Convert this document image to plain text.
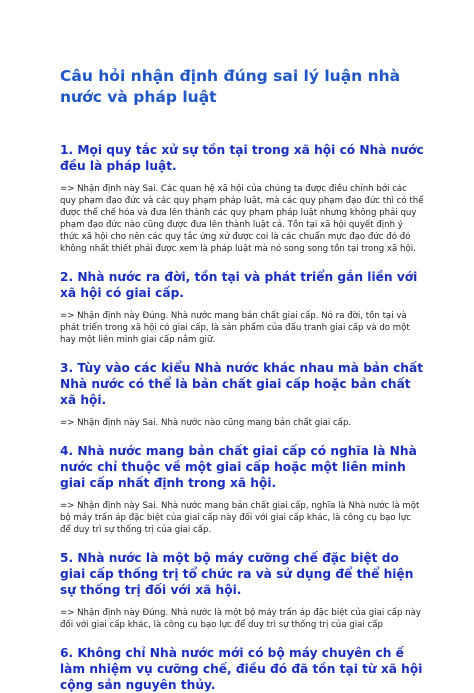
Câu hỏi nhận định đúng sai lý luận nhà nước và pháp luật
1. Mọi quy tắc xử sự tồn tại trong xã hội có Nhà nước đều là pháp luật.
=> Nhận định này Sai. Các quan hệ xã hội của chúng ta được điều chỉnh bởi các quy phạm đạo đức và các quy phạm pháp luật, mà các quy phạm đạo đức thì có thể được thể chế hóa và đưa lên thành các quy phạm pháp luật nhưng không phải quy phạm đạo đức nào cũng được đưa lên thành luật cả. Tồn tại xã hội quyết định ý thức xã hội cho nên các quy tắc ứng xử được coi là các chuẩn mực đạo đức đó đó không nhất thiết phải được xem là pháp luật mà nó song song tồn tại trong xã hội.
2. Nhà nước ra đời, tồn tại và phát triển gắn liền với xã hội có giai cấp.
=> Nhận định này Đúng. Nhà nước mang bản chất giai cấp. Nó ra đời, tồn tại và phát triển trong xã hội có giai cấp, là sản phẩm của đấu tranh giai cấp và do một hay một liên minh giai cấp nắm giữ.
3. Tùy vào các kiểu Nhà nước khác nhau mà bản chất Nhà nước có thể là bản chất giai cấp hoặc bản chất xã hội.
=> Nhận định này Sai. Nhà nước nào cũng mang bản chất giai cấp.
4. Nhà nước mang bản chất giai cấp có nghĩa là Nhà nước chỉ thuộc về một giai cấp hoặc một liên minh giai cấp nhất định trong xã hội.
=> Nhận định này Sai. Nhà nước mang bản chất giai cấp, nghĩa là Nhà nước là một bộ máy trấn áp đặc biệt của giai cấp này đối với giai cấp khác, là công cụ bạo lực để duy trì sự thống trị của giai cấp.
5. Nhà nước là một bộ máy cưỡng chế đặc biệt do giai cấp thống trị tổ chức ra và sử dụng để thể hiện sự thống trị đối với xã hội.
=> Nhận định này Đúng. Nhà nước là một bộ máy trấn áp đặc biệt của giai cấp này đối với giai cấp khác, là công cụ bạo lực để duy trì sự thống trị của giai cấp
6. Không chỉ Nhà nước mới có bộ máy chuyên ch ế làm nhiệm vụ cưỡng chế, điều đó đã tồn tại từ xã hội cộng sản nguyên thủy.
